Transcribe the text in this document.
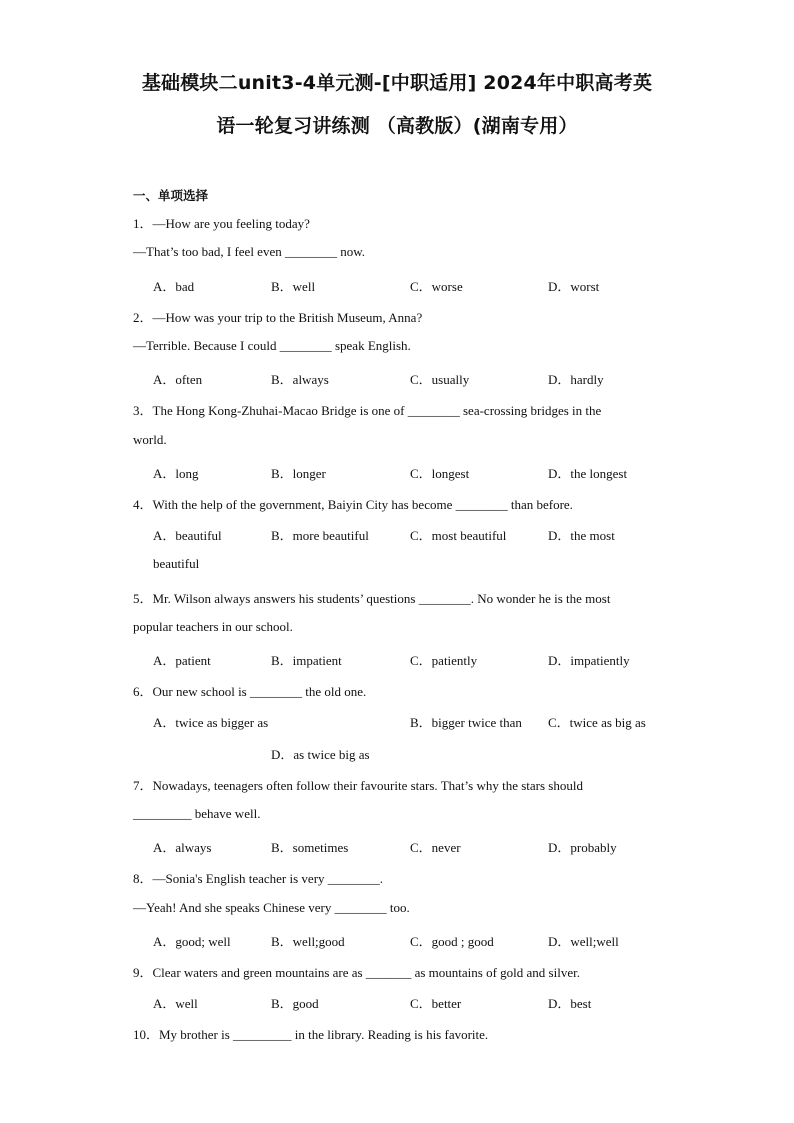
基础模块二unit3-4单元测-[中职适用] 2024年中职高考英
语一轮复习讲练测 （高教版）(湖南专用）
一、单项选择
1．—How are you feeling today?
—That’s too bad, I feel even ________ now.
A．bad	B．well	C．worse	D．worst
2．—How was your trip to the British Museum, Anna?
—Terrible. Because I could ________ speak English.
A．often	B．always	C．usually	D．hardly
3．The Hong Kong-Zhuhai-Macao Bridge is one of ________ sea-crossing bridges in the
world.
A．long	B．longer	C．longest	D．the longest
4．With the help of the government, Baiyin City has become ________ than before.
A．beautiful	B．more beautiful	C．most beautiful	D．the most
beautiful
5．Mr. Wilson always answers his students’ questions ________. No wonder he is the most
popular teachers in our school.
A．patient	B．impatient	C．patiently	D．impatiently
6．Our new school is ________ the old one.
A．twice as bigger as	B．bigger twice than C．twice as big as
D．as twice big as
7．Nowadays, teenagers often follow their favourite stars. That’s why the stars should
_________ behave well.
A．always	B．sometimes	C．never	D．probably
8．—Sonia's English teacher is very ________.
—Yeah! And she speaks Chinese very ________ too.
A．good; well	B．well;good	C．good ; good	D．well;well
9．Clear waters and green mountains are as _______ as mountains of gold and silver.
A．well	B．good	C．better	D．best
10．My brother is _________ in the library. Reading is his favorite.
